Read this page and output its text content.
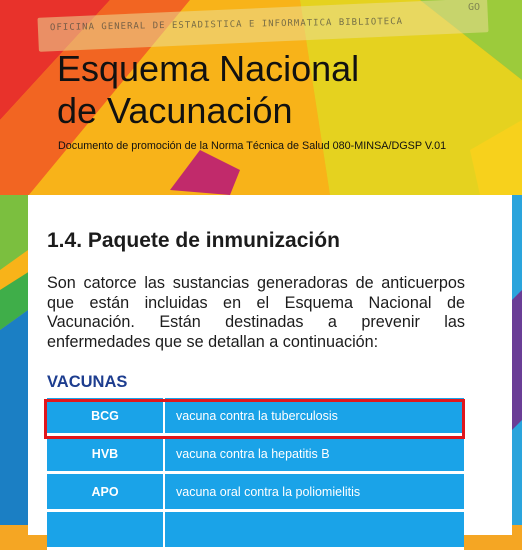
OFICINA GENERAL DE ESTADISTICA E INFORMATICA BIBLIOTECA
GO
Esquema Nacional
de Vacunación
Documento de promoción de la Norma Técnica de Salud 080-MINSA/DGSP V.01
1.4. Paquete de inmunización

Son catorce las sustancias generadoras de anticuerpos que están incluidas en el Esquema Nacional de Vacunación. Están destinadas a prevenir las enfermedades que se detallan a continuación:

VACUNAS
BCG	vacuna contra la tuberculosis
HVB	vacuna contra la hepatitis B
APO	vacuna oral contra la poliomielitis
